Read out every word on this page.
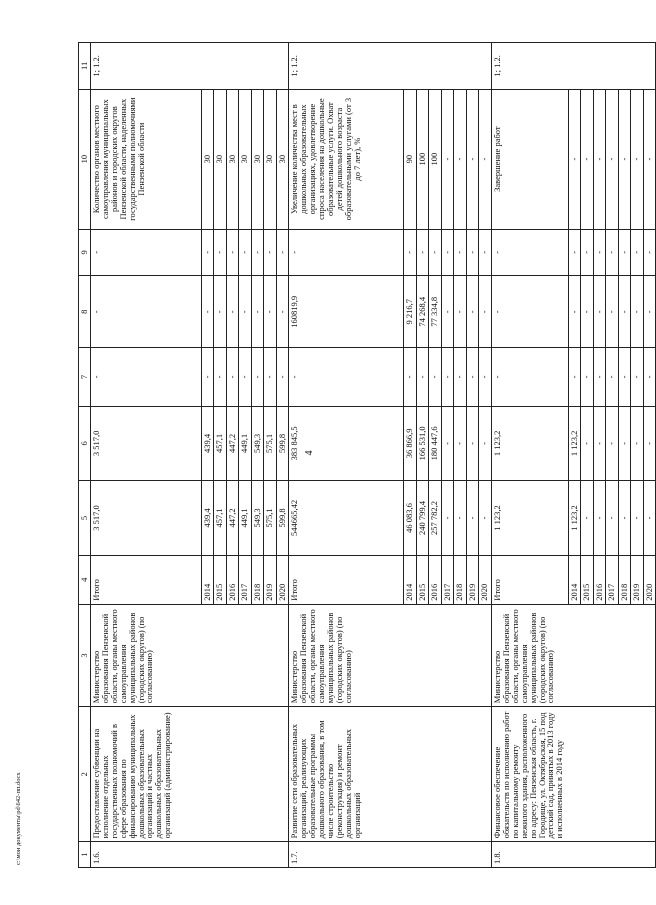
4
c:\мои документы\pd\642-пп.docx	1	2	3	4	5	6	7	8	9	10	11
1.6.	Предоставление субвенции на исполнение отдельных государственных полномочий в сфере образования по финансированию муниципальных дошкольных образовательных организаций и частных дошкольных образовательных организаций (администрирование)	Министерство образования Пензенской области, органы местного самоуправления муниципальных районов (городских округов) (по согласованию)	Итого	3 517,0	3 517,0	-	-	-	Количество органов местного самоуправления муниципальных районов и городских округов Пензенской области, наделенных государственными полномочиями Пензенской области	1; 1.2.
			2014	439,4	439,4	-	-	-	30	
			2015	457,1	457,1	-	-	-	30	
			2016	447,2	447,2	-	-	-	30	
			2017	449,1	449,1	-	-	-	30	
			2018	549,3	549,3	-	-	-	30	
			2019	575,1	575,1	-	-	-	30	
			2020	599,8	599,8	-	-	-	30	
1.7.	Развитие сети образовательных организаций, реализующих образовательные программы дошкольного образования, в том числе строительство (реконструкция) и ремонт дошкольных образовательных организаций	Министерство образования Пензенской области, органы местного самоуправления муниципальных районов (городских округов) (по согласованию)	Итого	544665,42	383 845,5	-	160819,9	-	Увеличение количества мест в дошкольных образовательных организациях, удовлетворение спроса населения на дошкольные образовательные услуги. Охват детей дошкольного возраста образовательными услугами (от 3 до 7 лет), %	1; 1.2.
			2014	46 083,6	36 866,9	-	9 216,7	-	90	
			2015	240 799,4	166 531,0	-	74 268,4	-	100	
			2016	257 782,2	180 447,6	-	77 334,8	-	100	
			2017	-	-	-	-	-	-	
			2018	-	-	-	-	-	-	
			2019	-	-	-	-	-	-	
			2020	-	-	-	-	-	-	
1.8.	Финансовое обеспечение обязательств по исполнению работ по капитальному ремонту нежилого здания, расположенного по адресу: Пензенская область, г. Городище, ул. Октябрьская, 15 под детский сад, принятых в 2013 году и исполненных в 2014 году	Министерство образования Пензенской области, органы местного самоуправления муниципальных районов (городских округов) (по согласованию)	Итого	1 123,2	1 123,2	-	-	-	Завершение работ	1; 1.2.
			2014	1 123,2	1 123,2	-	-	-	-	
			2015	-	-	-	-	-	-	
			2016	-	-	-	-	-	-	
			2017	-	-	-	-	-	-	
			2018	-	-	-	-	-	-	
			2019	-	-	-	-	-	-	
			2020	-	-	-	-	-	-	
